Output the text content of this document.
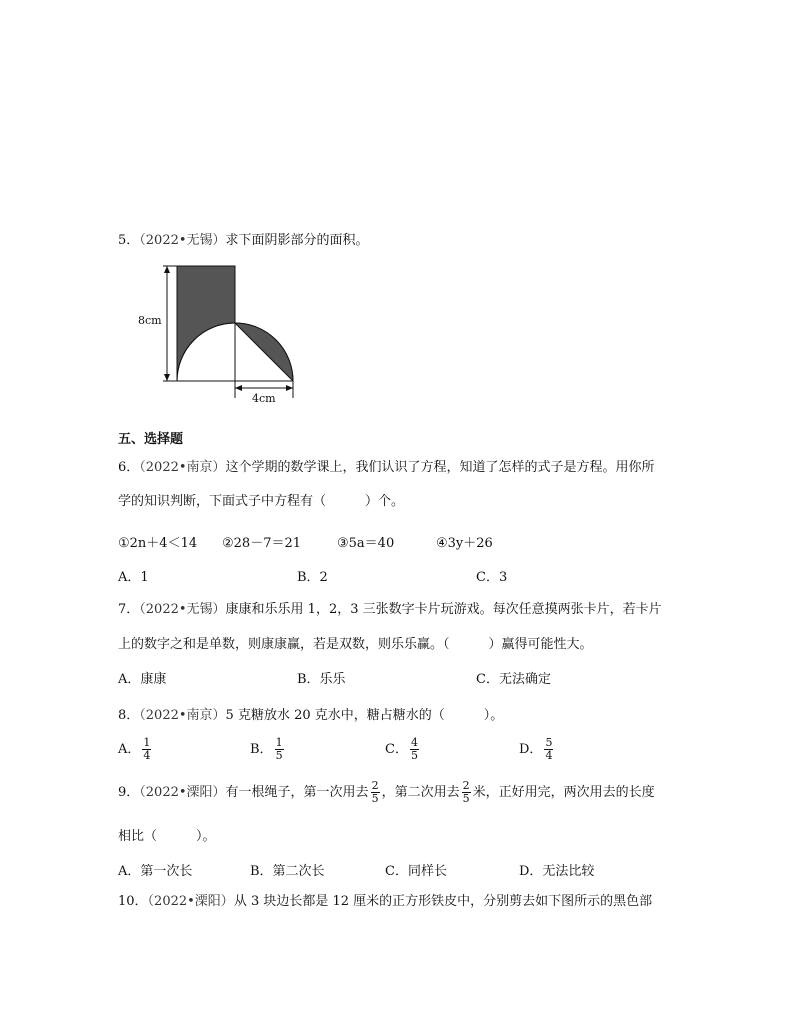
5．（2022•无锡）求下面阴影部分的面积。
8cm
4cm
五、选择题
6．（2022•南京）这个学期的数学课上，我们认识了方程，知道了怎样的式子是方程。用你所
学的知识判断，下面式子中方程有（　　　）个。
①2n＋4＜14 ②28－7＝21	③5a＝40	④3y＋26
A．1	B．2	C．3
7．（2022•无锡）康康和乐乐用 1，2，3 三张数字卡片玩游戏。每次任意摸两张卡片，若卡片
上的数字之和是单数，则康康赢，若是双数，则乐乐赢。（　　　）赢得可能性大。
A．康康	B．乐乐	C．无法确定
8．（2022•南京）5 克糖放水 20 克水中，糖占糖水的（　　　）。
A． $\frac{1}{4}$	B． $\frac{1}{5}$	C． $\frac{4}{5}$	D． $\frac{5}{4}$
9．（2022•溧阳）有一根绳子，第一次用去 $\frac{2}{5}$ ，第二次用去 $\frac{2}{5}$ 米，正好用完，两次用去的长度
相比（　　　）。
A．第一次长	B．第二次长	C．同样长	D．无法比较
10．（2022•溧阳）从 3 块边长都是 12 厘米的正方形铁皮中，分别剪去如下图所示的黑色部
